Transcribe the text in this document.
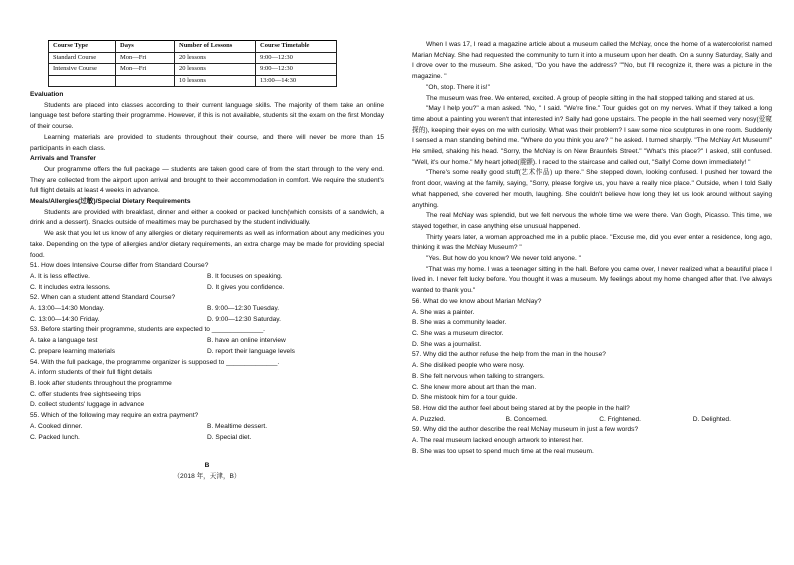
Course Type	Days	Number of Lessons	Course Timetable
Standard Course	Mon—Fri	20 lessons	9:00—12:30
Intensive Course	Mon—Fri	20 lessons	9:00—12:30
		10 lessons	13:00—14:30

Evaluation

Students are placed into classes according to their current language skills. The majority of them take an online language test before starting their programme. However, if this is not available, students sit the exam on the first Monday of their course.

Learning materials are provided to students throughout their course, and there will never be more than 15 participants in each class.

Arrivals and Transfer

Our programme offers the full package — students are taken good care of from the start through to the very end. They are collected from the airport upon arrival and brought to their accommodation in comfort. We require the student's full flight details at least 4 weeks in advance.

Meals/Allergies(过敏)/Special Dietary Requirements

Students are provided with breakfast, dinner and either a cooked or packed lunch(which consists of a sandwich, a drink and a dessert). Snacks outside of mealtimes may be purchased by the student individually.

We ask that you let us know of any allergies or dietary requirements as well as information about any medicines you take. Depending on the type of allergies and/or dietary requirements, an extra charge may be made for providing special food.

51. How does Intensive Course differ from Standard Course?

A. It is less effective.	B. It focuses on speaking.
C. It includes extra lessons.	D. It gives you confidence.

52. When can a student attend Standard Course?

A. 13:00—14:30 Monday.	B. 9:00—12:30 Tuesday.
C. 13:00—14:30 Friday.	D. 9:00—12:30 Saturday.

53. Before starting their programme, students are expected to ______________.

A. take a language test	B. have an online interview
C. prepare learning materials	D. report their language levels

54. With the full package, the programme organizer is supposed to ______________.

A. inform students of their full flight details

B. look after students throughout the programme

C. offer students free sightseeing trips

D. collect students' luggage in advance

55. Which of the following may require an extra payment?

A. Cooked dinner.	B. Mealtime dessert.
C. Packed lunch.	D. Special diet.

B

（2018 年，天津，B）

When I was 17, I read a magazine article about a museum called the McNay, once the home of a watercolorist named Marian McNay. She had requested the community to turn it into a museum upon her death. On a sunny Saturday, Sally and I drove over to the museum. She asked, "Do you have the address? ""No, but I'll recognize it, there was a picture in the magazine. "

"Oh, stop. There it is!"

The museum was free. We entered, excited. A group of people sitting in the hall stopped talking and stared at us.

"May I help you?" a man asked. "No, " I said. "We're fine." Tour guides got on my nerves. What if they talked a long time about a painting you weren't that interested in? Sally had gone upstairs. The people in the hall seemed very nosy(爱窥探的), keeping their eyes on me with curiosity. What was their problem? I saw some nice sculptures in one room. Suddenly I sensed a man standing behind me. "Where do you think you are? " he asked. I turned sharply. "The McNay Art Museum!" He smiled, shaking his head. "Sorry, the McNay is on New Braunfels Street." "What's this place?" I asked, still confused. "Well, it's our home." My heart jolted(震颤). I raced to the staircase and called out, "Sally! Come down immediately! "

"There's some really good stuff(艺术作品) up there." She stepped down, looking confused. I pushed her toward the front door, waving at the family, saying, "Sorry, please forgive us, you have a really nice place." Outside, when I told Sally what happened, she covered her mouth, laughing. She couldn't believe how long they let us look around without saying anything.

The real McNay was splendid, but we felt nervous the whole time we were there. Van Gogh, Picasso. This time, we stayed together, in case anything else unusual happened.

Thirty years later, a woman approached me in a public place. "Excuse me, did you ever enter a residence, long ago, thinking it was the McNay Museum? "

"Yes. But how do you know? We never told anyone. "

"That was my home. I was a teenager sitting in the hall. Before you came over, I never realized what a beautiful place I lived in. I never felt lucky before. You thought it was a museum. My feelings about my home changed after that. I've always wanted to thank you."

56. What do we know about Marian McNay?

A. She was a painter.

B. She was a community leader.

C. She was a museum director.

D. She was a journalist.

57. Why did the author refuse the help from the man in the house?

A. She disliked people who were nosy.

B. She felt nervous when talking to strangers.

C. She knew more about art than the man.

D. She mistook him for a tour guide.

58. How did the author feel about being stared at by the people in the hall?

A. Puzzled.	B. Concerned.	C. Frightened.	D. Delighted.

59. Why did the author describe the real McNay museum in just a few words?

A. The real museum lacked enough artwork to interest her.

B. She was too upset to spend much time at the real museum.
